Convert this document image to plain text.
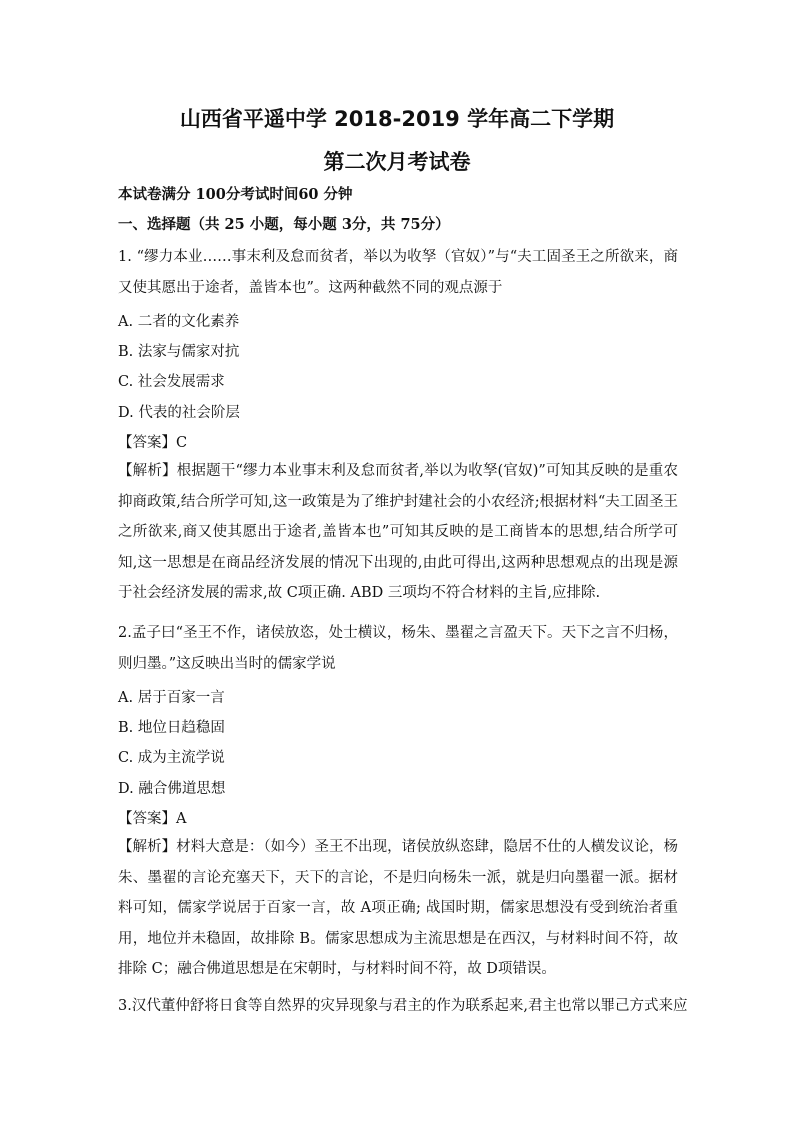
山西省平遥中学 2018-2019 学年高二下学期
第二次月考试卷
本试卷满分 100分考试时间60 分钟
一、选择题（共 25 小题，每小题 3分，共 75分）
1. “缪力本业……事末利及怠而贫者，举以为收孥（官奴）”与“夫工固圣王之所欲来，商又使其愿出于途者，盖皆本也”。这两种截然不同的观点源于
A. 二者的文化素养
B. 法家与儒家对抗
C. 社会发展需求
D. 代表的社会阶层
【答案】C
【解析】根据题干“缪力本业事末利及怠而贫者,举以为收孥(官奴)”可知其反映的是重农抑商政策,结合所学可知,这一政策是为了维护封建社会的小农经济;根据材料“夫工固圣王之所欲来,商又使其愿出于途者,盖皆本也”可知其反映的是工商皆本的思想,结合所学可知,这一思想是在商品经济发展的情况下出现的,由此可得出,这两种思想观点的出现是源于社会经济发展的需求,故 C项正确. ABD 三项均不符合材料的主旨,应排除.
2.孟子曰“圣王不作，诸侯放恣，处士横议，杨朱、墨翟之言盈天下。天下之言不归杨，则归墨。”这反映出当时的儒家学说
A. 居于百家一言
B. 地位日趋稳固
C. 成为主流学说
D. 融合佛道思想
【答案】A
【解析】材料大意是：（如今）圣王不出现，诸侯放纵恣肆，隐居不仕的人横发议论，杨朱、墨翟的言论充塞天下，天下的言论，不是归向杨朱一派，就是归向墨翟一派。据材料可知，儒家学说居于百家一言，故 A项正确; 战国时期，儒家思想没有受到统治者重用，地位并未稳固，故排除 B。儒家思想成为主流思想是在西汉，与材料时间不符，故排除 C；融合佛道思想是在宋朝时，与材料时间不符，故 D项错误。
3.汉代董仲舒将日食等自然界的灾异现象与君主的作为联系起来,君主也常以罪己方式来应
